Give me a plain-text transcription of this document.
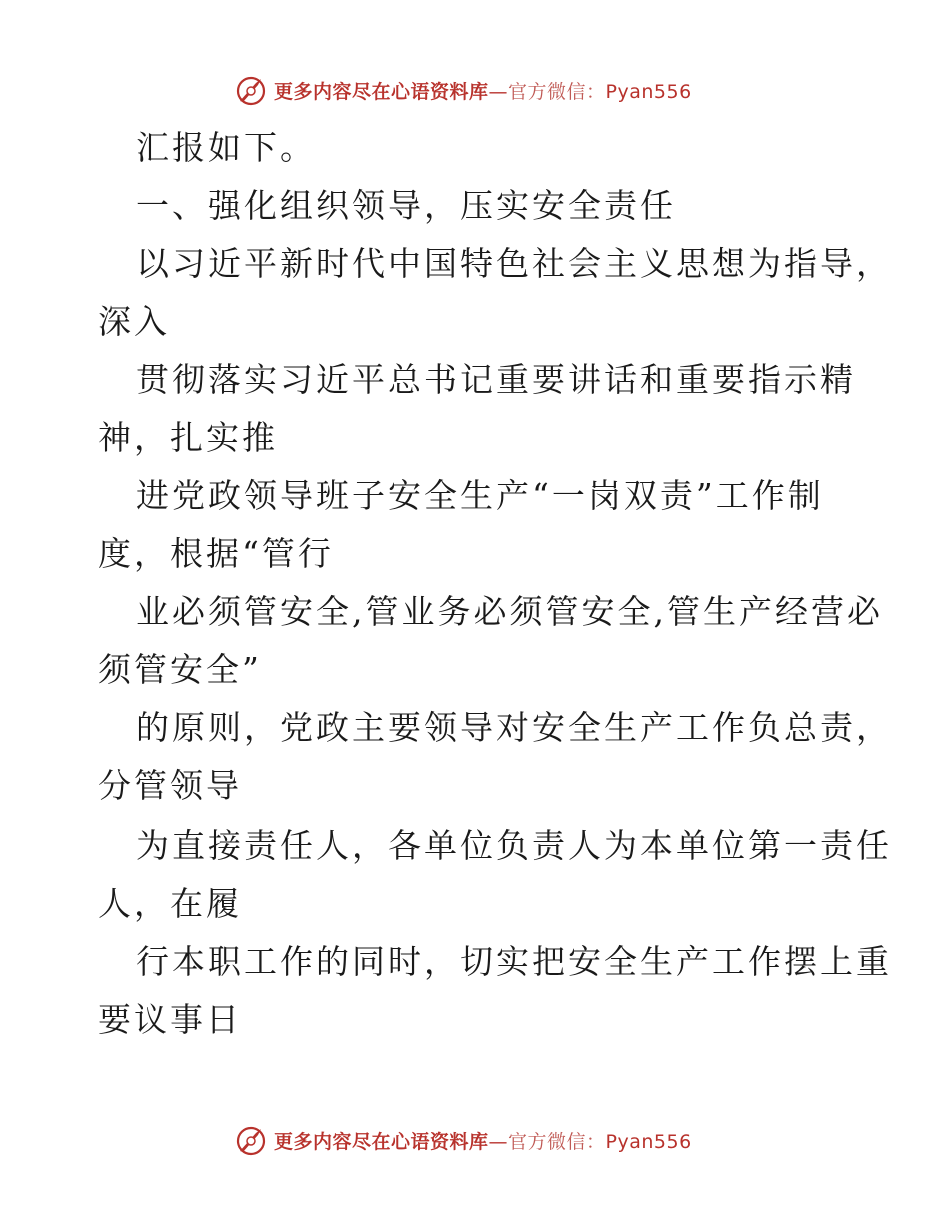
更多内容尽在心语资料库—官方微信：Pyan556
汇报如下。
一、强化组织领导，压实安全责任
以习近平新时代中国特色社会主义思想为指导，
深入
贯彻落实习近平总书记重要讲话和重要指示精
神，扎实推
进党政领导班子安全生产“一岗双责”工作制
度，根据“管行
业必须管安全,管业务必须管安全,管生产经营必
须管安全”
的原则，党政主要领导对安全生产工作负总责，
分管领导
为直接责任人，各单位负责人为本单位第一责任
人，在履
行本职工作的同时，切实把安全生产工作摆上重
要议事日
更多内容尽在心语资料库—官方微信：Pyan556
